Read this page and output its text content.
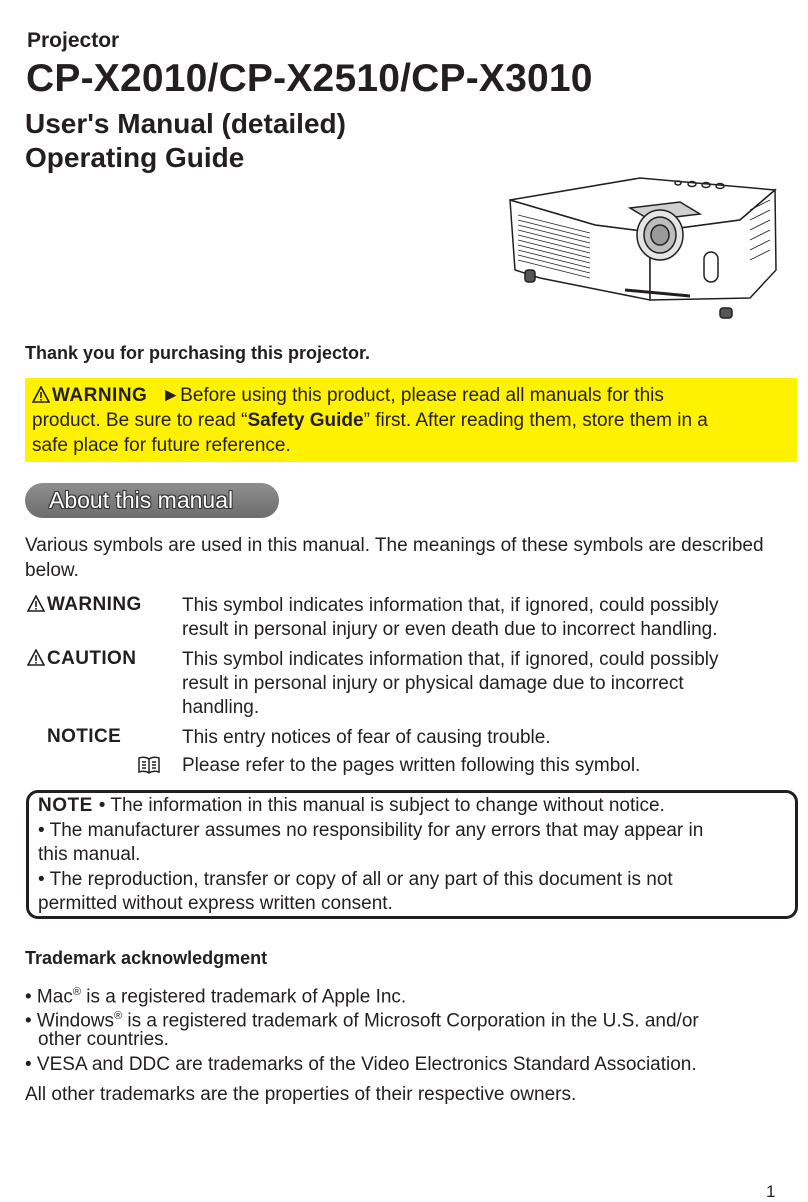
Projector
CP-X2010/CP-X2510/CP-X3010
User's Manual (detailed)
Operating Guide
Thank you for purchasing this projector.
WARNING ►Before using this product, please read all manuals for this
product. Be sure to read “Safety Guide” first. After reading them, store them in a
safe place for future reference.
About this manual
Various symbols are used in this manual. The meanings of these symbols are described below.
WARNING This symbol indicates information that, if ignored, could possibly
result in personal injury or even death due to incorrect handling.
CAUTION This symbol indicates information that, if ignored, could possibly
result in personal injury or physical damage due to incorrect
handling.
NOTICE	This entry notices of fear of causing trouble.
Please refer to the pages written following this symbol.
NOTE • The information in this manual is subject to change without notice.
• The manufacturer assumes no responsibility for any errors that may appear in
this manual.
• The reproduction, transfer or copy of all or any part of this document is not
permitted without express written consent.
Trademark acknowledgment
• Mac® is a registered trademark of Apple Inc.
• Windows® is a registered trademark of Microsoft Corporation in the U.S. and/or
other countries.
• VESA and DDC are trademarks of the Video Electronics Standard Association.
All other trademarks are the properties of their respective owners.
1
